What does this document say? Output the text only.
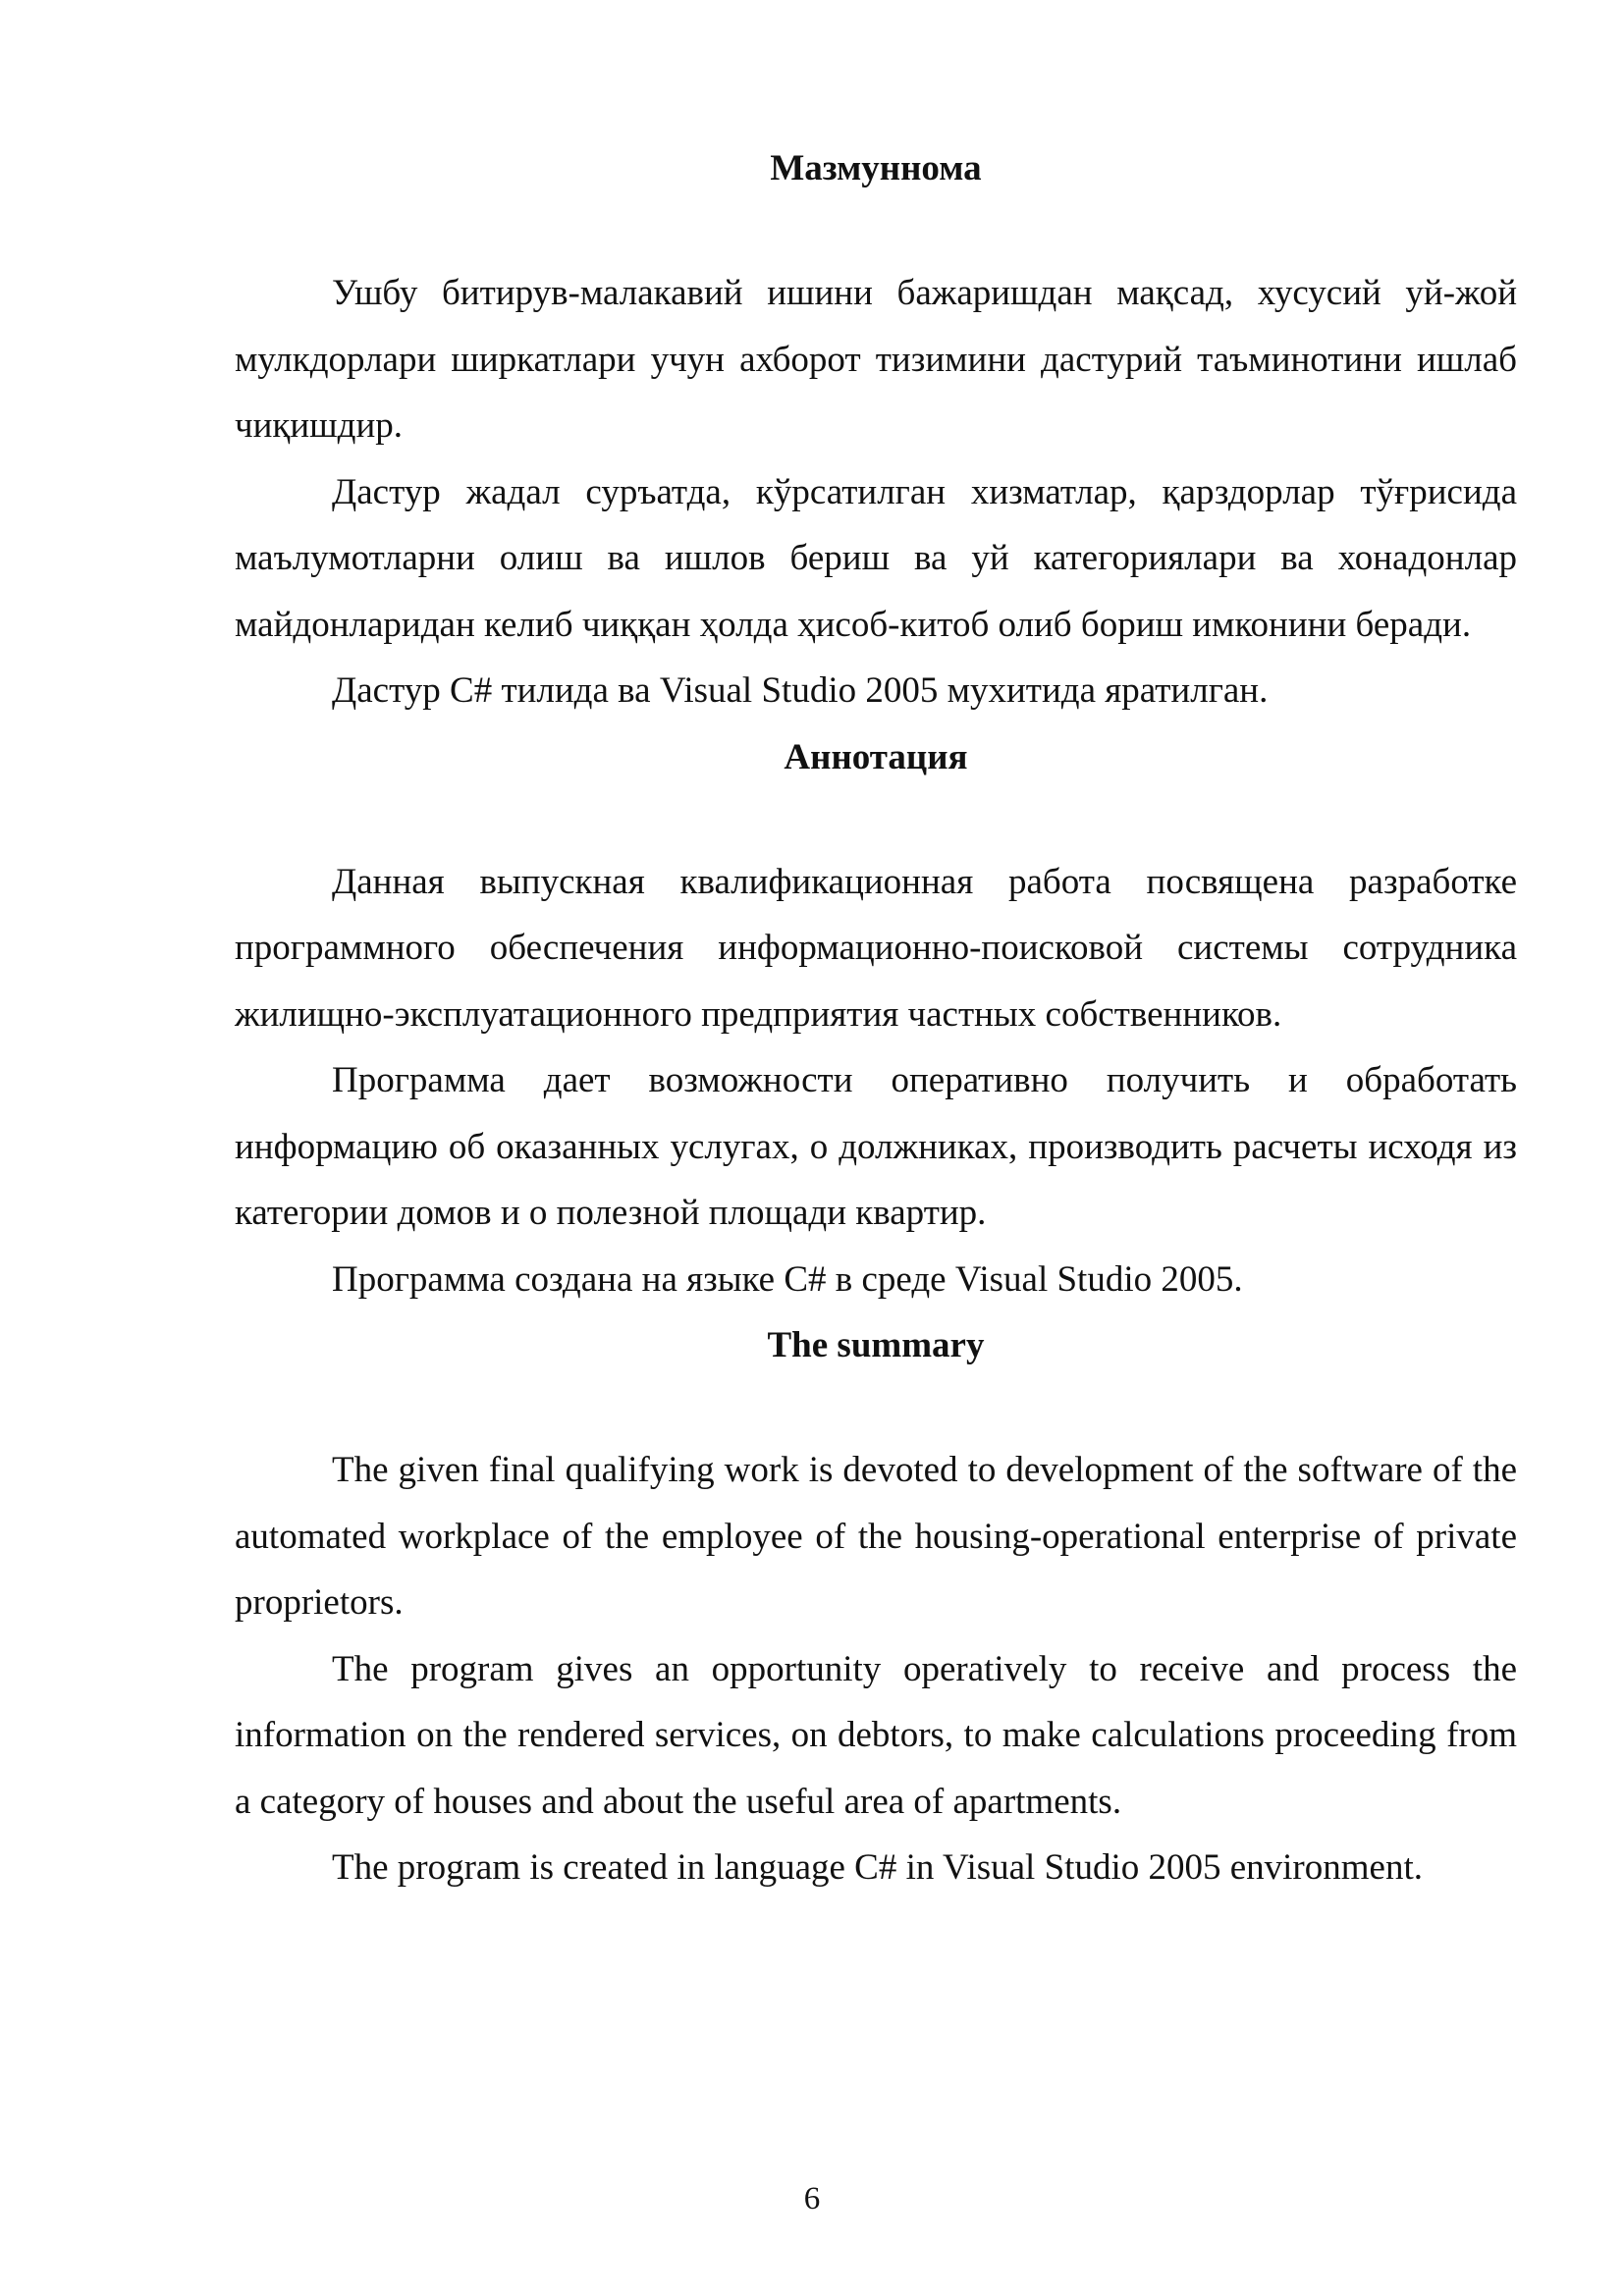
Мазмуннома

Ушбу битирув-малакавий ишини бажаришдан мақсад, хусусий уй-жой мулкдорлари ширкатлари учун ахборот тизимини дастурий таъминотини ишлаб чиқишдир.

Дастур жадал суръатда, кўрсатилган хизматлар, қарздорлар тўғрисида маълумотларни олиш ва ишлов бериш ва уй категориялари ва хонадонлар майдонларидан келиб чиққан ҳолда ҳисоб-китоб олиб бориш имконини беради.

Дастур C# тилида ва Visual Studio 2005 мухитида яратилган.

Аннотация

Данная выпускная квалификационная работа посвящена разработке программного обеспечения информационно-поисковой системы сотрудника жилищно-эксплуатационного предприятия частных собственников.

Программа дает возможности оперативно получить и обработать информацию об оказанных услугах, о должниках, производить расчеты исходя из категории домов и о полезной площади квартир.

Программа создана на языке C# в среде Visual Studio 2005.

The summary

The given final qualifying work is devoted to development of the software of the automated workplace of the employee of the housing-operational enterprise of private proprietors.

The program gives an opportunity operatively to receive and process the information on the rendered services, on debtors, to make calculations proceeding from a category of houses and about the useful area of apartments.

The program is created in language C# in Visual Studio 2005 environment.

6
